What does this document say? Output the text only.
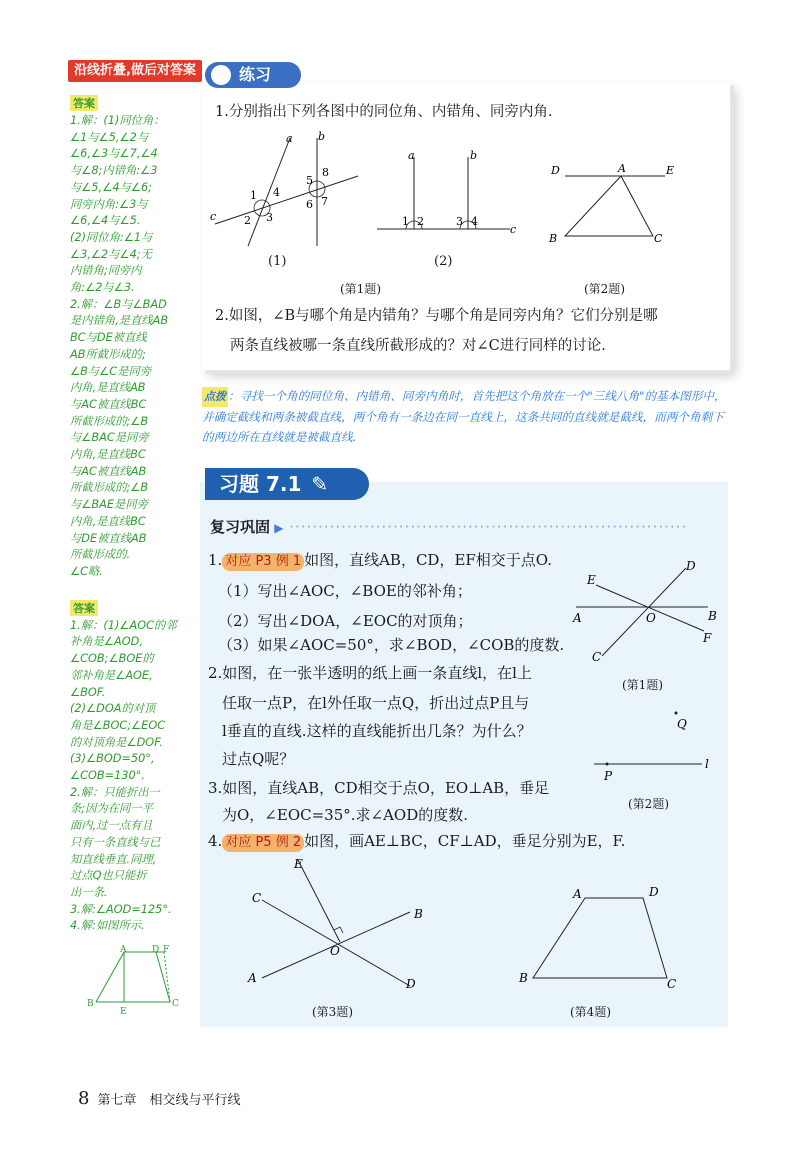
沿线折叠,做后对答案
答案
1.解：(1)同位角：
∠1与∠5,∠2与
∠6,∠3与∠7,∠4
与∠8;内错角:∠3
与∠5,∠4与∠6;
同旁内角:∠3与
∠6,∠4与∠5.
(2)同位角:∠1与
∠3,∠2与∠4;无
内错角;同旁内
角:∠2与∠3.
2.解：∠B与∠BAD
是内错角,是直线AB
BC与DE被直线
AB所截形成的;
∠B与∠C是同旁
内角,是直线AB
与AC被直线BC
所截形成的;∠B
与∠BAC是同旁
内角,是直线BC
与AC被直线AB
所截形成的;∠B
与∠BAE是同旁
内角,是直线BC
与DE被直线AB
所截形成的.
∠C略.
答案
1.解：(1)∠AOC的邻
补角是∠AOD,
∠COB;∠BOE的
邻补角是∠AOE,
∠BOF.
(2)∠DOA的对顶
角是∠BOC;∠EOC
的对顶角是∠DOF.
(3)∠BOD=50°,
∠COB=130°.
2.解：只能折出一
条;因为在同一平
面内,过一点有且
只有一条直线与已
知直线垂直.同理,
过点Q也只能折
出一条.
3.解:∠AOD=125°.
4.解:如图所示.
A	D F
B
E
C
练习
1.分别指出下列各图中的同位角、内错角、同旁内角.
a b
c
1
2 3
4
5
6 7
8
(1)
a	b
c
1 2	3 4
(2)
(第1题)
D	A	E
B	C
(第2题)
2.如图，∠B与哪个角是内错角？与哪个角是同旁内角？它们分别是哪
两条直线被哪一条直线所截形成的？对∠C进行同样的讨论.
点拨 ：寻找一个角的同位角、内错角、同旁内角时，首先把这个角放在一个"三线八角"的基本图形中，并确定截线和两条被截直线，两个角有一条边在同一直线上，这条共同的直线就是截线，而两个角剩下的两边所在直线就是被截直线.
习题 7.1 ✎
复习巩固 ▶ ·····································································
1. 对应 P3 例 1 如图，直线AB，CD，EF相交于点O.
（1）写出∠AOC，∠BOE的邻补角；
（2）写出∠DOA，∠EOC的对顶角；
（3）如果∠AOC=50°，求∠BOD，∠COB的度数.
2.如图，在一张半透明的纸上画一条直线l，在l上
任取一点P，在l外任取一点Q，折出过点P且与
l垂直的直线.这样的直线能折出几条？为什么？
过点Q呢？
3.如图，直线AB，CD相交于点O，EO⊥AB，垂足
为O，∠EOC=35°.求∠AOD的度数.
4. 对应 P5 例 2 如图，画AE⊥BC，CF⊥AD，垂足分别为E，F.
D
E
A	O	B
F
C
(第1题)
Q
P
l
(第2题)
E
C
B
O
A	D
(第3题)
A	D
B	C
(第4题)
8 第七章　相交线与平行线
